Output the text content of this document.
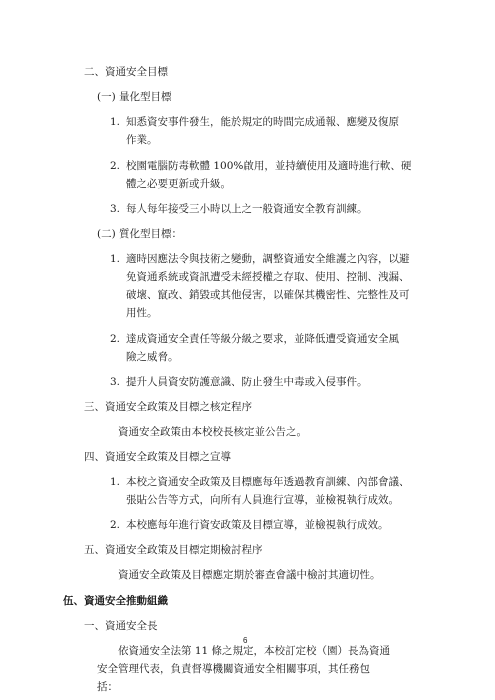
二、資通安全目標
(一) 量化型目標
1. 知悉資安事件發生，能於規定的時間完成通報、應變及復原
作業。
2. 校園電腦防毒軟體 100%啟用，並持續使用及適時進行軟、硬
體之必要更新或升級。
3. 每人每年接受三小時以上之一般資通安全教育訓練。
(二) 質化型目標：
1. 適時因應法令與技術之變動，調整資通安全維護之內容，以避
免資通系統或資訊遭受未經授權之存取、使用、控制、洩漏、
破壞、竄改、銷毀或其他侵害，以確保其機密性、完整性及可
用性。
2. 達成資通安全責任等級分級之要求，並降低遭受資通安全風
險之威脅。
3. 提升人員資安防護意識、防止發生中毒或入侵事件。
三、資通安全政策及目標之核定程序
資通安全政策由本校校長核定並公告之。
四、資通安全政策及目標之宣導
1. 本校之資通安全政策及目標應每年透過教育訓練、內部會議、
張貼公告等方式，向所有人員進行宣導，並檢視執行成效。
2. 本校應每年進行資安政策及目標宣導，並檢視執行成效。
五、資通安全政策及目標定期檢討程序
資通安全政策及目標應定期於審查會議中檢討其適切性。
伍、資通安全推動組織
一、資通安全長
依資通安全法第 11 條之規定，本校訂定校（園）長為資通
安全管理代表，負責督導機關資通安全相關事項，其任務包
括：
6
